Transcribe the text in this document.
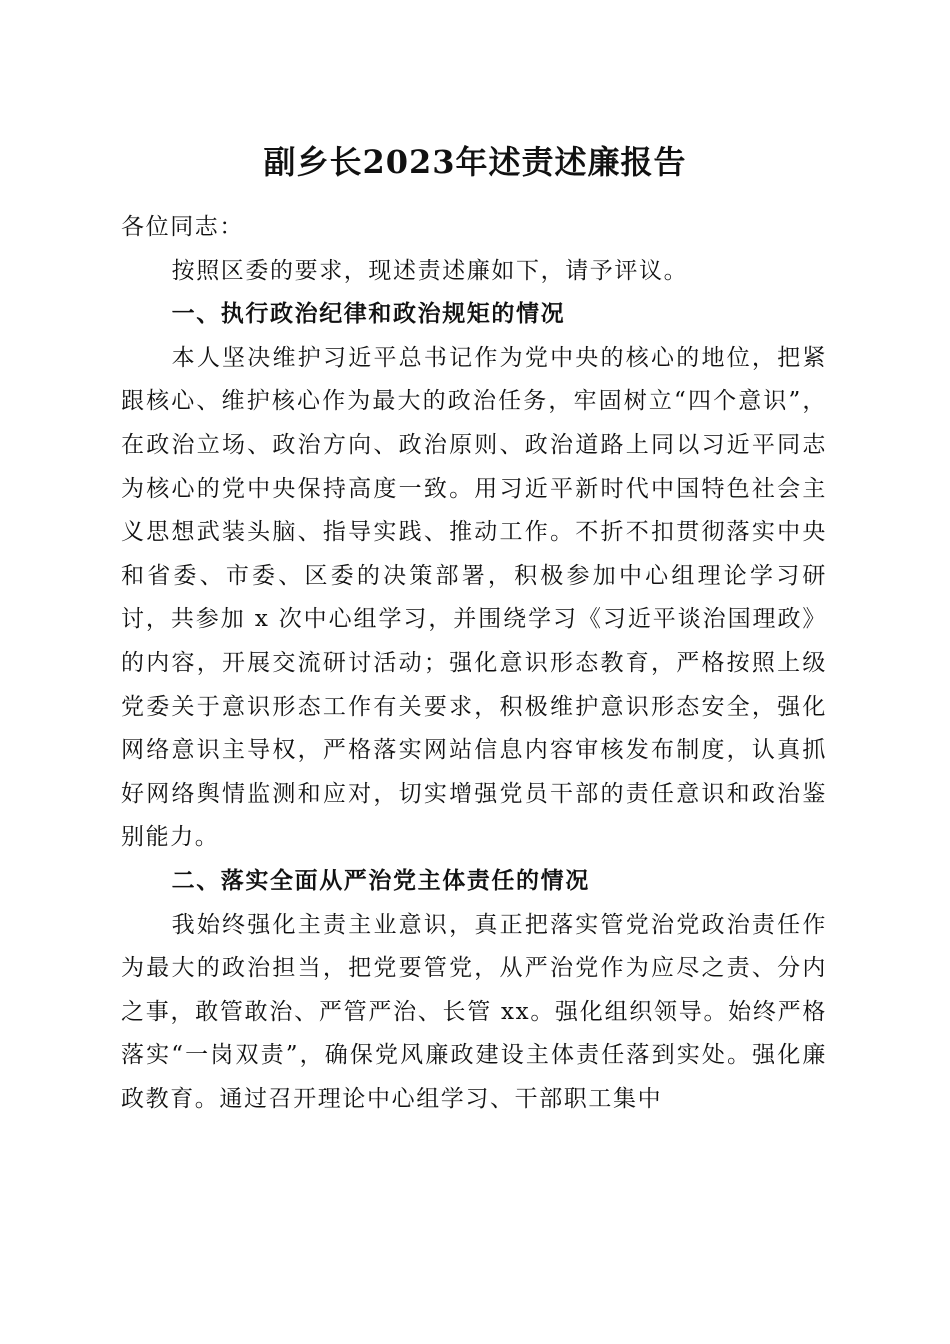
副乡长2023年述责述廉报告

各位同志：

按照区委的要求，现述责述廉如下，请予评议。

一、执行政治纪律和政治规矩的情况

本人坚决维护习近平总书记作为党中央的核心的地位，把紧跟核心、维护核心作为最大的政治任务，牢固树立“四个意识”，在政治立场、政治方向、政治原则、政治道路上同以习近平同志为核心的党中央保持高度一致。用习近平新时代中国特色社会主义思想武装头脑、指导实践、推动工作。不折不扣贯彻落实中央和省委、市委、区委的决策部署，积极参加中心组理论学习研讨，共参加 x 次中心组学习，并围绕学习《习近平谈治国理政》的内容，开展交流研讨活动；强化意识形态教育，严格按照上级党委关于意识形态工作有关要求，积极维护意识形态安全，强化网络意识主导权，严格落实网站信息内容审核发布制度，认真抓好网络舆情监测和应对，切实增强党员干部的责任意识和政治鉴别能力。

二、落实全面从严治党主体责任的情况

我始终强化主责主业意识，真正把落实管党治党政治责任作为最大的政治担当，把党要管党，从严治党作为应尽之责、分内之事，敢管敢治、严管严治、长管 xx。强化组织领导。始终严格落实“一岗双责”，确保党风廉政建设主体责任落到实处。强化廉政教育。通过召开理论中心组学习、干部职工集中
